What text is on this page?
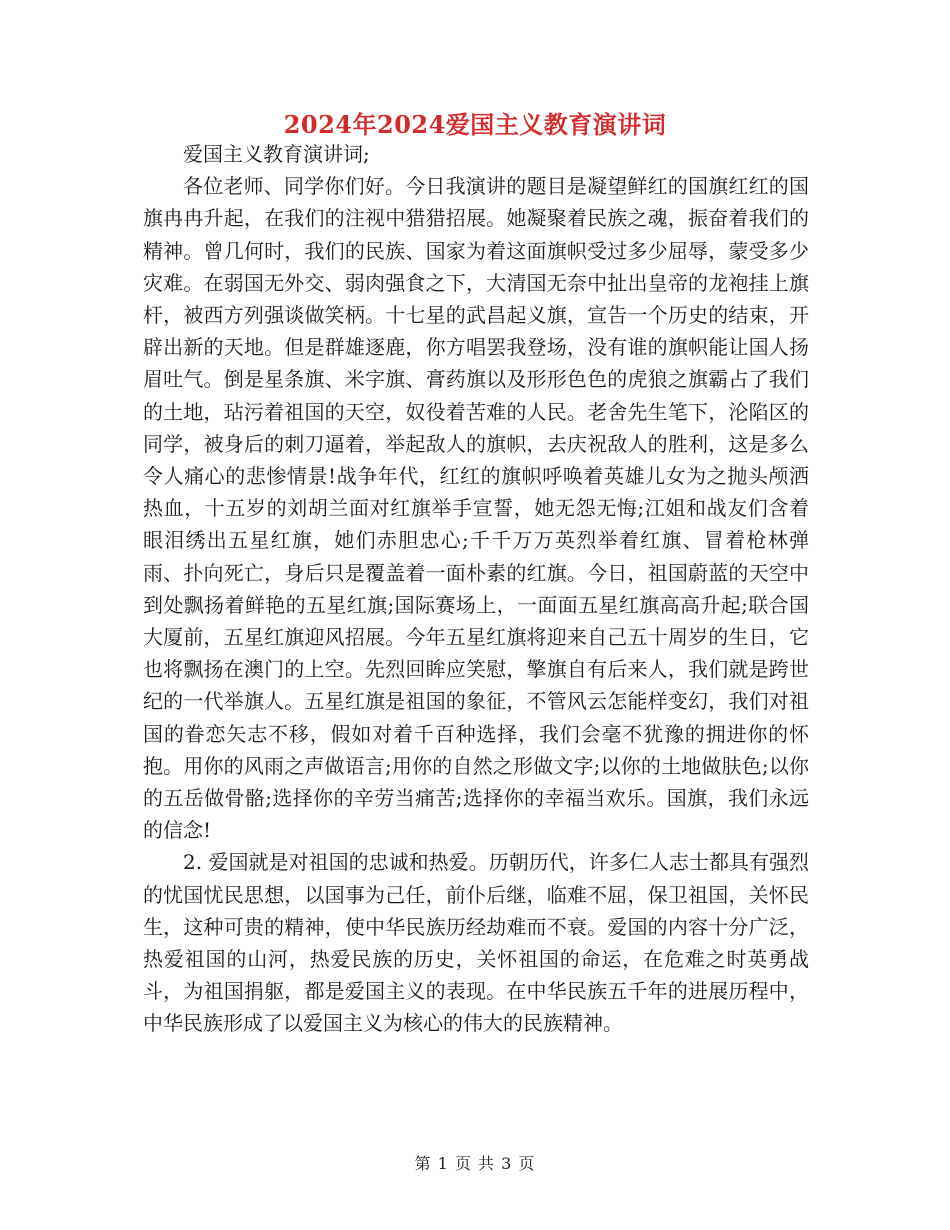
2024年2024爱国主义教育演讲词

爱国主义教育演讲词;

各位老师、同学你们好。今日我演讲的题目是凝望鲜红的国旗红红的国旗冉冉升起，在我们的注视中猎猎招展。她凝聚着民族之魂，振奋着我们的精神。曾几何时，我们的民族、国家为着这面旗帜受过多少屈辱，蒙受多少灾难。在弱国无外交、弱肉强食之下，大清国无奈中扯出皇帝的龙袍挂上旗杆，被西方列强谈做笑柄。十七星的武昌起义旗，宣告一个历史的结束，开辟出新的天地。但是群雄逐鹿，你方唱罢我登场，没有谁的旗帜能让国人扬眉吐气。倒是星条旗、米字旗、膏药旗以及形形色色的虎狼之旗霸占了我们的土地，玷污着祖国的天空，奴役着苦难的人民。老舍先生笔下，沦陷区的同学，被身后的刺刀逼着，举起敌人的旗帜，去庆祝敌人的胜利，这是多么令人痛心的悲惨情景!战争年代，红红的旗帜呼唤着英雄儿女为之抛头颅洒热血，十五岁的刘胡兰面对红旗举手宣誓，她无怨无悔;江姐和战友们含着眼泪绣出五星红旗，她们赤胆忠心;千千万万英烈举着红旗、冒着枪林弹雨、扑向死亡，身后只是覆盖着一面朴素的红旗。今日，祖国蔚蓝的天空中到处飘扬着鲜艳的五星红旗;国际赛场上，一面面五星红旗高高升起;联合国大厦前，五星红旗迎风招展。今年五星红旗将迎来自己五十周岁的生日，它也将飘扬在澳门的上空。先烈回眸应笑慰，擎旗自有后来人，我们就是跨世纪的一代举旗人。五星红旗是祖国的象征，不管风云怎能样变幻，我们对祖国的眷恋矢志不移，假如对着千百种选择，我们会毫不犹豫的拥进你的怀抱。用你的风雨之声做语言;用你的自然之形做文字;以你的土地做肤色;以你的五岳做骨骼;选择你的辛劳当痛苦;选择你的幸福当欢乐。国旗，我们永远的信念!

2. 爱国就是对祖国的忠诚和热爱。历朝历代，许多仁人志士都具有强烈的忧国忧民思想，以国事为己任，前仆后继，临难不屈，保卫祖国，关怀民生，这种可贵的精神，使中华民族历经劫难而不衰。爱国的内容十分广泛，热爱祖国的山河，热爱民族的历史，关怀祖国的命运，在危难之时英勇战斗，为祖国捐躯，都是爱国主义的表现。在中华民族五千年的进展历程中，中华民族形成了以爱国主义为核心的伟大的民族精神。

第 1 页 共 3 页
